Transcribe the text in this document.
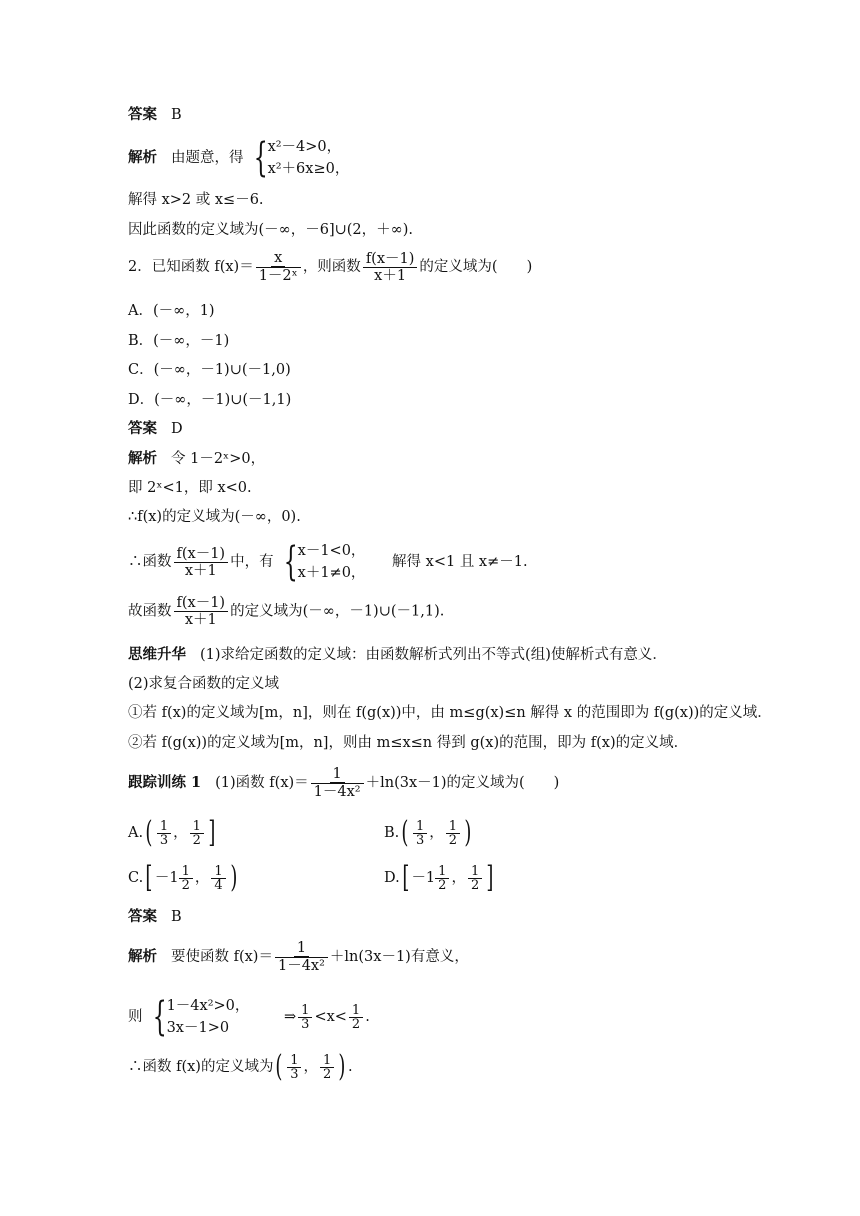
答案 B
解析 由题意，得 { x²－4>0，
x²＋6x≥0，
解得 x>2 或 x≤－6.
因此函数的定义域为(－∞，－6]∪(2，＋∞).
2．已知函数 $f(x)= \frac{x}{\text{1－2ˣ}}$ ，则函数 $\frac{f(x-1)}{x+1}$ 的定义域为(　　)
A．(－∞，1)
B．(－∞，－1)
C．(－∞，－1)∪(－1,0)
D．(－∞，－1)∪(－1,1)
答案 D
解析 令 1－2ˣ>0，
即 2ˣ<1，即 x<0.
∴f(x)的定义域为(－∞，0).
∴函数 $\frac{f(x-1)}{x+1}$ 中，有 { x－1<0，
x＋1≠0，
解得 x<1 且 x≠－1.
故函数 $\frac{f(x-1)}{x+1}$ 的定义域为(－∞，－1)∪(－1,1).
思维升华 (1)求给定函数的定义域：由函数解析式列出不等式(组)使解析式有意义．
(2)求复合函数的定义域
①若 f(x)的定义域为[m，n]，则在 f(g(x))中，由 m≤g(x)≤n 解得 x 的范围即为 f(g(x))的定义域．
②若 f(g(x))的定义域为[m，n]，则由 m≤x≤n 得到 g(x)的范围，即为 f(x)的定义域．
跟踪训练 1 (1)函数 $f(x)= \frac{1}{\text{1－4x²}} +\ln(3x-1)$的定义域为(　　)
$A.( \frac{1}{3}$ ， $\frac{1}{2}$ ]	$B.( \frac{1}{3}$ ， $\frac{1}{2}$ )
$C.[ -1 \frac{1}{2}$ ， $\frac{1}{4}$ )	$D.[ -1 \frac{1}{2}$ ， $\frac{1}{2}$ ]
答案 B
解析 要使函数 $f(x)= \frac{1}{\text{1－4x²}} +\ln(3x-1)$有意义，
则 { 1－4x²>0，
3x－1>0
⇒ $\frac{1}{3} <x< \frac{1}{2}$ .
∴函数 f(x)的定义域为( $\frac{1}{3}$ ， $\frac{1}{2}$ ) .
